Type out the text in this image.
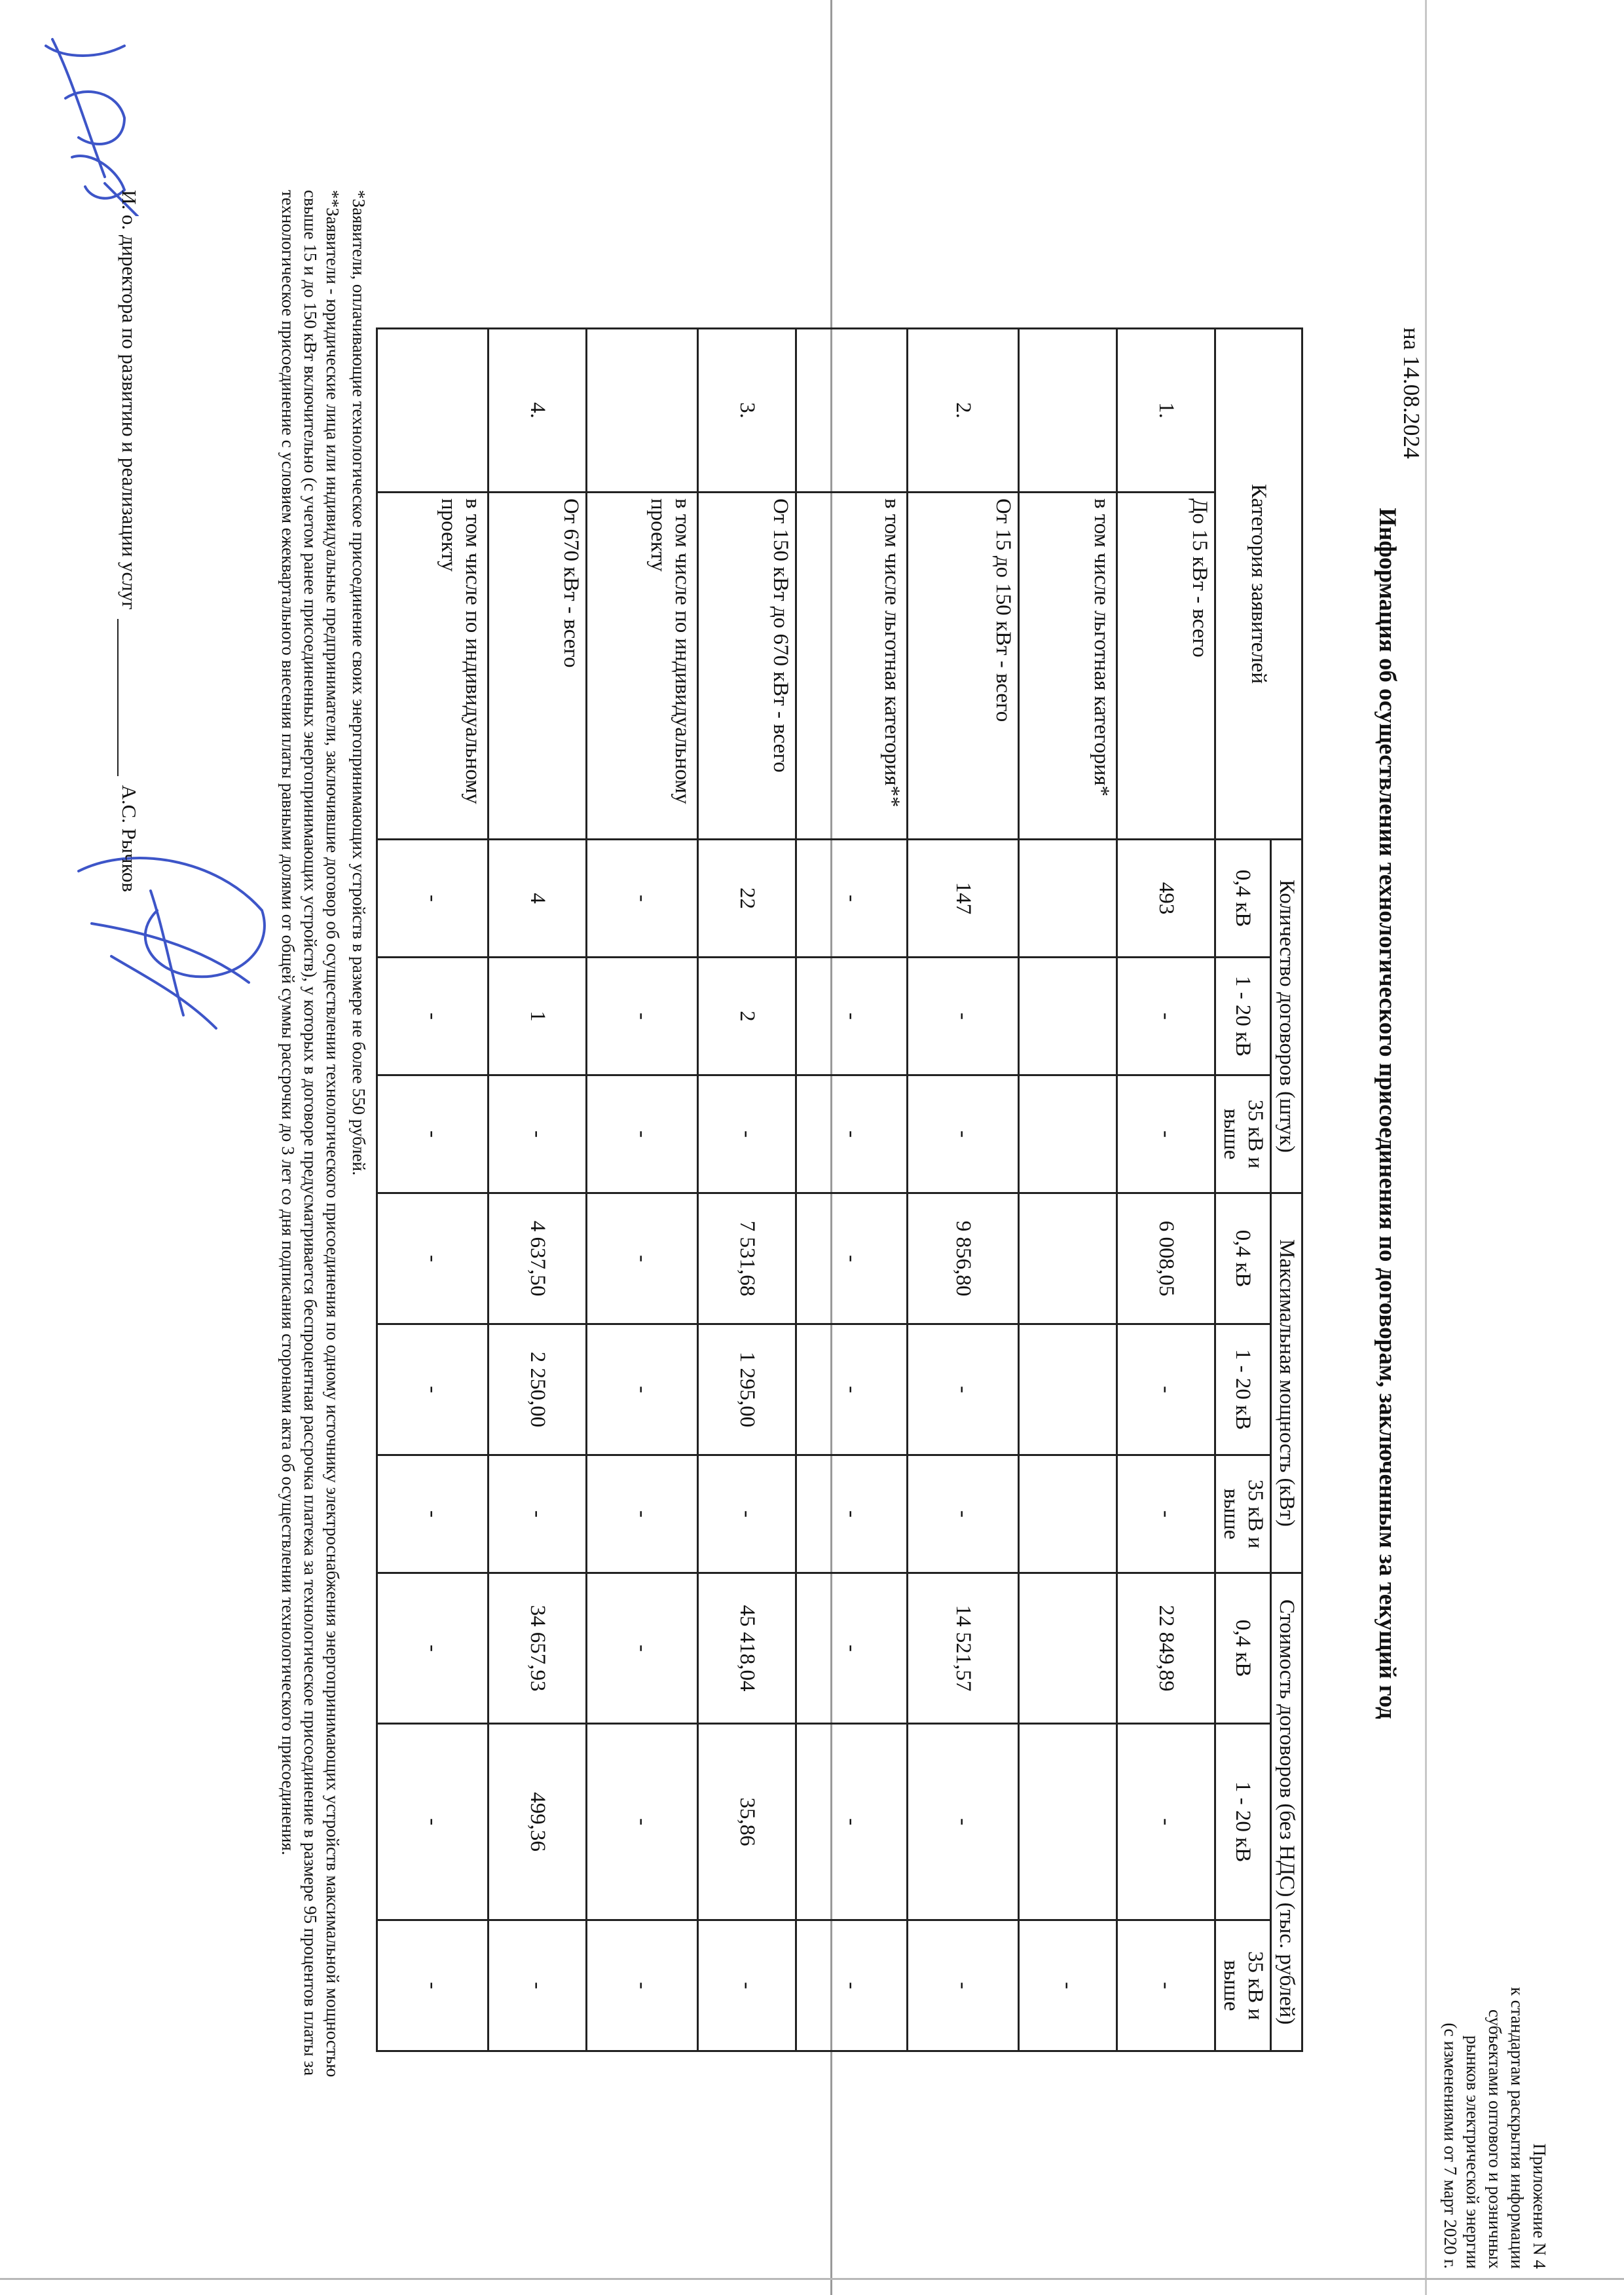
Приложение N 4
к стандартам раскрытия информации
субъектами оптового и розничных
рынков электрической энергии
(с изменениями от 7 март 2020 г.
на 14.08.2024
Информация об осуществлении технологического присоединения по договорам, заключенным за текущий год
Категория заявителей		Количество договоров (штук)			Максимальная мощность (кВт)			Стоимость договоров (без НДС) (тыс. рублей)		
		0,4 кВ	1 - 20 кВ	35 кВ и выше	0,4 кВ	1 - 20 кВ	35 кВ и выше	0,4 кВ	1 - 20 кВ	35 кВ и выше
1.	До 15 кВт - всего	493	-	-	6 008,05	-	-	22 849,89	-	-
	в том числе льготная категория*									-
2.	От 15 до 150 кВт - всего	147	-	-	9 856,80	-	-	14 521,57	-	-
	в том числе льготная категория**	-	-	-	-	-	-	-	-	-
3.	От 150 кВт до 670 кВт - всего	22	2	-	7 531,68	1 295,00	-	45 418,04	35,86	-
	в том числе по индивидуальному проекту	-	-	-	-	-	-	-	-	-
4.	От 670 кВт - всего	4	1	-	4 637,50	2 250,00	-	34 657,93	499,36	-
	в том числе по индивидуальному проекту	-	-	-	-	-	-	-	-	-

*Заявители, оплачивающие технологическое присоединение своих энергопринимающих устройств в размере не более 550 рублей.

**Заявители - юридические лица или индивидуальные предприниматели, заключившие договор об осуществлении технологического присоединения по одному источнику электроснабжения энергопринимающих устройств максимальной мощностью свыше 15 и до 150 кВт включительно (с учетом ранее присоединенных энергопринимающих устройств), у которых в договоре предусматривается беспроцентная рассрочка платежа за технологическое присоединение в размере 95 процентов платы за технологическое присоединение с условием ежеквартального внесения платы равными долями от общей суммы рассрочки до 3 лет со дня подписания сторонами акта об осуществлении технологического присоединения.

И. о. директора по развитию и реализации услуг  А.С. Рычков
